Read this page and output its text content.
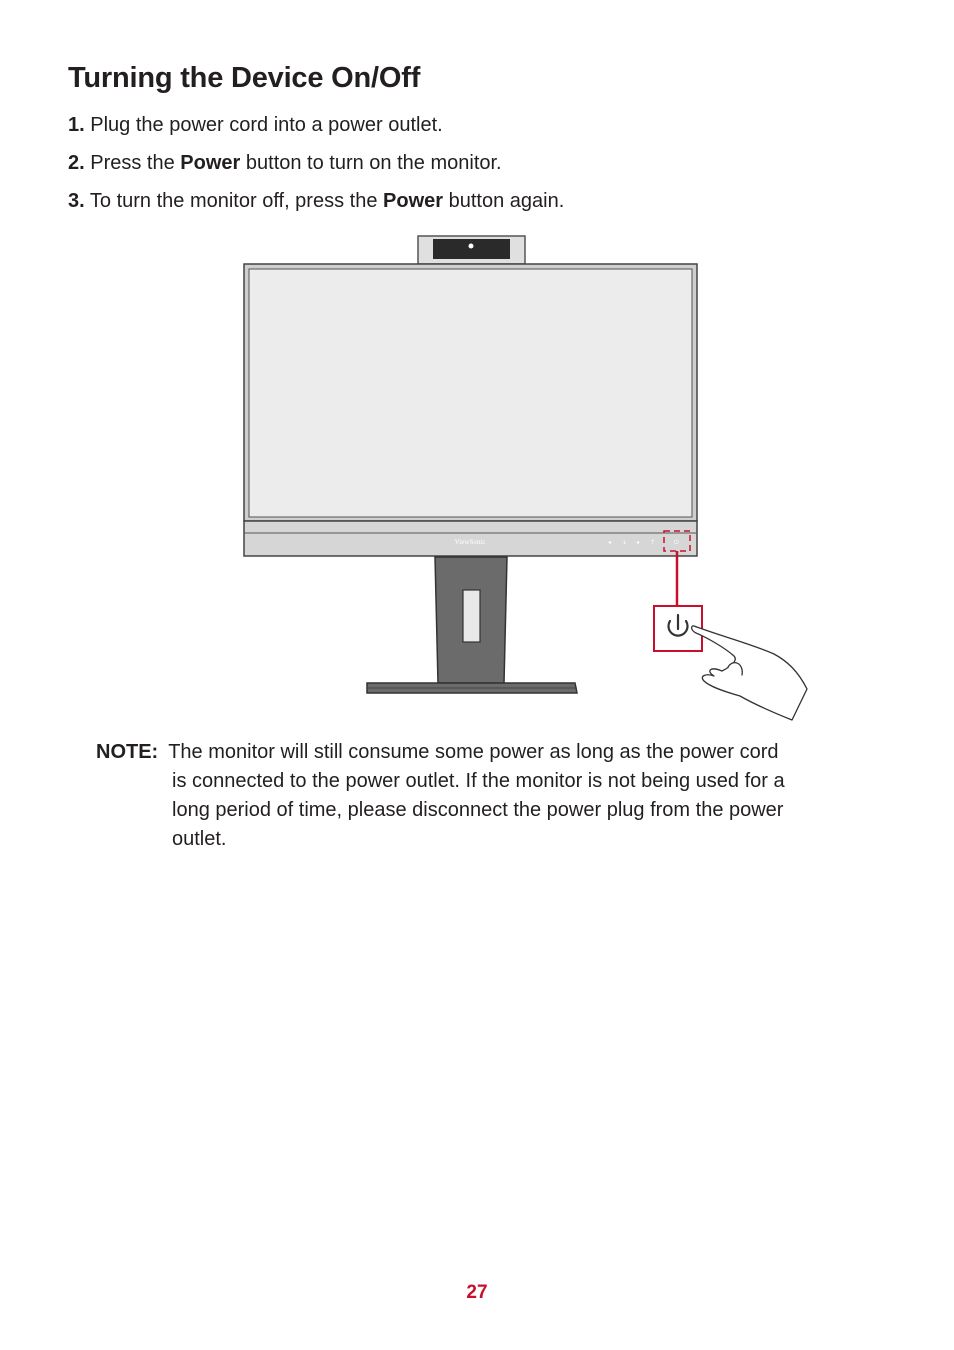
Turning the Device On/Off
1. Plug the power cord into a power outlet.
2. Press the Power button to turn on the monitor.
3. To turn the monitor off, press the Power button again.
ViewSonic	◂ ⇣ ◂ ⇡	⏻
NOTE: The monitor will still consume some power as long as the power cord
is connected to the power outlet. If the monitor is not being used for a
long period of time, please disconnect the power plug from the power
outlet.
27
